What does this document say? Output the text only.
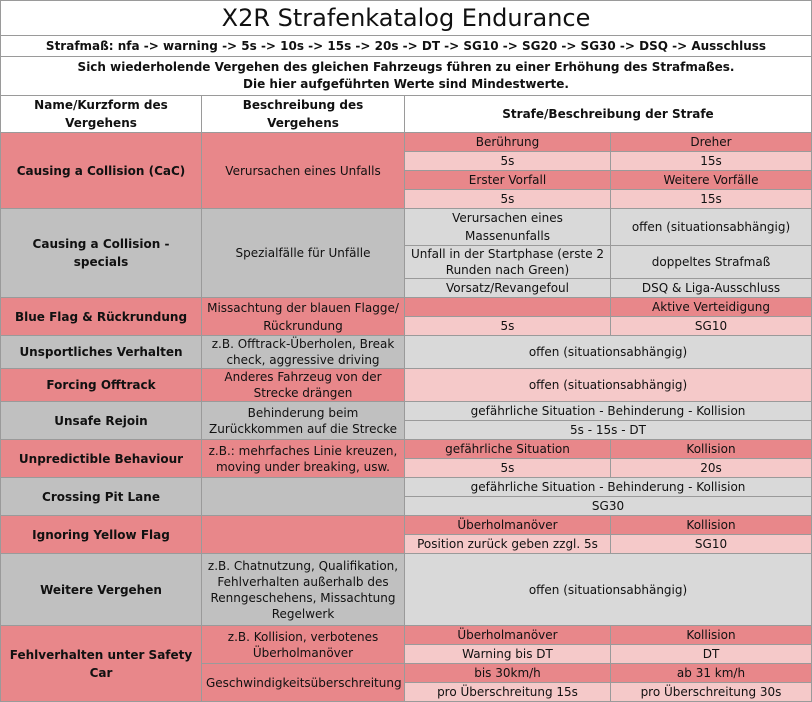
X2R Strafenkatalog Endurance			
Strafmaß: nfa -> warning -> 5s -> 10s -> 15s -> 20s -> DT -> SG10 -> SG20 -> SG30 -> DSQ -> Ausschluss			
Sich wiederholende Vergehen des gleichen Fahrzeugs führen zu einer Erhöhung des Strafmaßes.
Die hier aufgeführten Werte sind Mindestwerte.			
Name/Kurzform des Vergehens	Beschreibung des Vergehens	Strafe/Beschreibung der Strafe	
Causing a Collision (CaC)	Verursachen eines Unfalls	Berührung	Dreher
		5s	15s
		Erster Vorfall	Weitere Vorfälle
		5s	15s
Causing a Collision - specials	Spezialfälle für Unfälle	Verursachen eines Massenunfalls	offen (situationsabhängig)
		Unfall in der Startphase (erste 2 Runden nach Green)	doppeltes Strafmaß
		Vorsatz/Revangefoul	DSQ & Liga-Ausschluss
Blue Flag & Rückrundung	Missachtung der blauen Flagge/ Rückrundung		Aktive Verteidigung
		5s	SG10
Unsportliches Verhalten	z.B. Offtrack-Überholen, Break check, aggressive driving	offen (situationsabhängig)	
Forcing Offtrack	Anderes Fahrzeug von der Strecke drängen	offen (situationsabhängig)	
Unsafe Rejoin	Behinderung beim Zurückkommen auf die Strecke	gefährliche Situation - Behinderung - Kollision	
		5s - 15s - DT	
Unpredictible Behaviour	z.B.: mehrfaches Linie kreuzen, moving under breaking, usw.	gefährliche Situation	Kollision
		5s	20s
Crossing Pit Lane		gefährliche Situation - Behinderung - Kollision	
		SG30	
Ignoring Yellow Flag		Überholmanöver	Kollision
		Position zurück geben zzgl. 5s	SG10
Weitere Vergehen	z.B. Chatnutzung, Qualifikation, Fehlverhalten außerhalb des Renngeschehens, Missachtung Regelwerk	offen (situationsabhängig)	
Fehlverhalten unter Safety Car	z.B. Kollision, verbotenes Überholmanöver	Überholmanöver	Kollision
		Warning bis DT	DT
	Geschwindigkeitsüberschreitung	bis 30km/h	ab 31 km/h
		pro Überschreitung 15s	pro Überschreitung 30s
